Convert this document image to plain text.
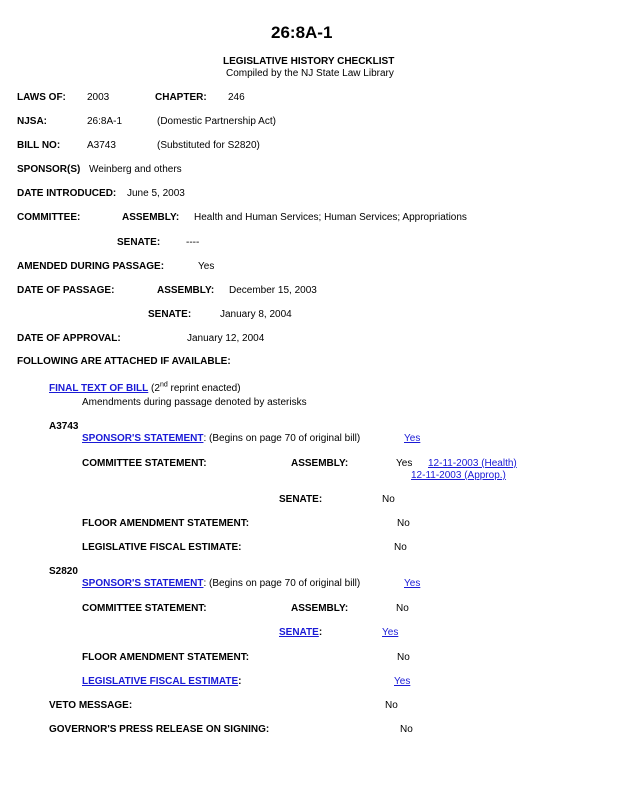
26:8A-1
LEGISLATIVE HISTORY CHECKLIST
Compiled by the NJ State Law Library
LAWS OF: 2003	CHAPTER: 246
NJSA:	26:8A-1	(Domestic Partnership Act)
BILL NO:	A3743	(Substituted for S2820)
SPONSOR(S) Weinberg and others
DATE INTRODUCED: June 5, 2003
COMMITTEE:	ASSEMBLY: Health and Human Services; Human Services; Appropriations
SENATE:	----
AMENDED DURING PASSAGE:	Yes
DATE OF PASSAGE:	ASSEMBLY: December 15, 2003
SENATE:	January 8, 2004
DATE OF APPROVAL:	January 12, 2004
FOLLOWING ARE ATTACHED IF AVAILABLE:
FINAL TEXT OF BILL (2nd reprint enacted)
Amendments during passage denoted by asterisks
A3743
SPONSOR'S STATEMENT: (Begins on page 70 of original bill)	Yes
COMMITTEE STATEMENT:	ASSEMBLY:	Yes 12-11-2003 (Health)
12-11-2003 (Approp.)
SENATE:	No
FLOOR AMENDMENT STATEMENT:	No
LEGISLATIVE FISCAL ESTIMATE:	No
S2820
SPONSOR'S STATEMENT: (Begins on page 70 of original bill)	Yes
COMMITTEE STATEMENT:	ASSEMBLY:	No
SENATE:	Yes
FLOOR AMENDMENT STATEMENT:	No
LEGISLATIVE FISCAL ESTIMATE:	Yes
VETO MESSAGE:	No
GOVERNOR'S PRESS RELEASE ON SIGNING:	No
